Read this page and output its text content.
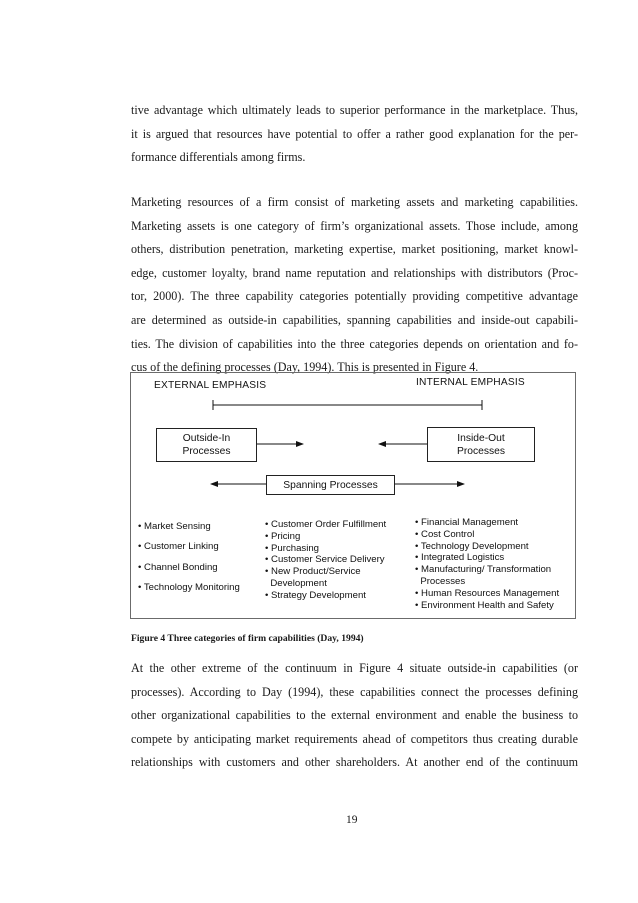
tive advantage which ultimately leads to superior performance in the marketplace. Thus,
it is argued that resources have potential to offer a rather good explanation for the per-
formance differentials among firms.
Marketing resources of a firm consist of marketing assets and marketing capabilities.
Marketing assets is one category of firm’s organizational assets. Those include, among
others, distribution penetration, marketing expertise, market positioning, market knowl-
edge, customer loyalty, brand name reputation and relationships with distributors (Proc-
tor, 2000). The three capability categories potentially providing competitive advantage
are determined as outside-in capabilities, spanning capabilities and inside-out capabili-
ties. The division of capabilities into the three categories depends on orientation and fo-
cus of the defining processes (Day, 1994). This is presented in Figure 4.
EXTERNAL EMPHASIS	INTERNAL EMPHASIS
Outside-In
Processes
Inside-Out
Processes
Spanning Processes
• Market Sensing
• Customer Linking
• Channel Bonding
• Technology Monitoring
• Customer Order Fulfillment
• Pricing
• Purchasing
• Customer Service Delivery
• New Product/Service
Development
• Strategy Development
• Financial Management
• Cost Control
• Technology Development
• Integrated Logistics
• Manufacturing/ Transformation
Processes
• Human Resources Management
• Environment Health and Safety
Figure 4 Three categories of firm capabilities (Day, 1994)
At the other extreme of the continuum in Figure 4 situate outside-in capabilities (or
processes). According to Day (1994), these capabilities connect the processes defining
other organizational capabilities to the external environment and enable the business to
compete by anticipating market requirements ahead of competitors thus creating durable
relationships with customers and other shareholders. At another end of the continuum
19
